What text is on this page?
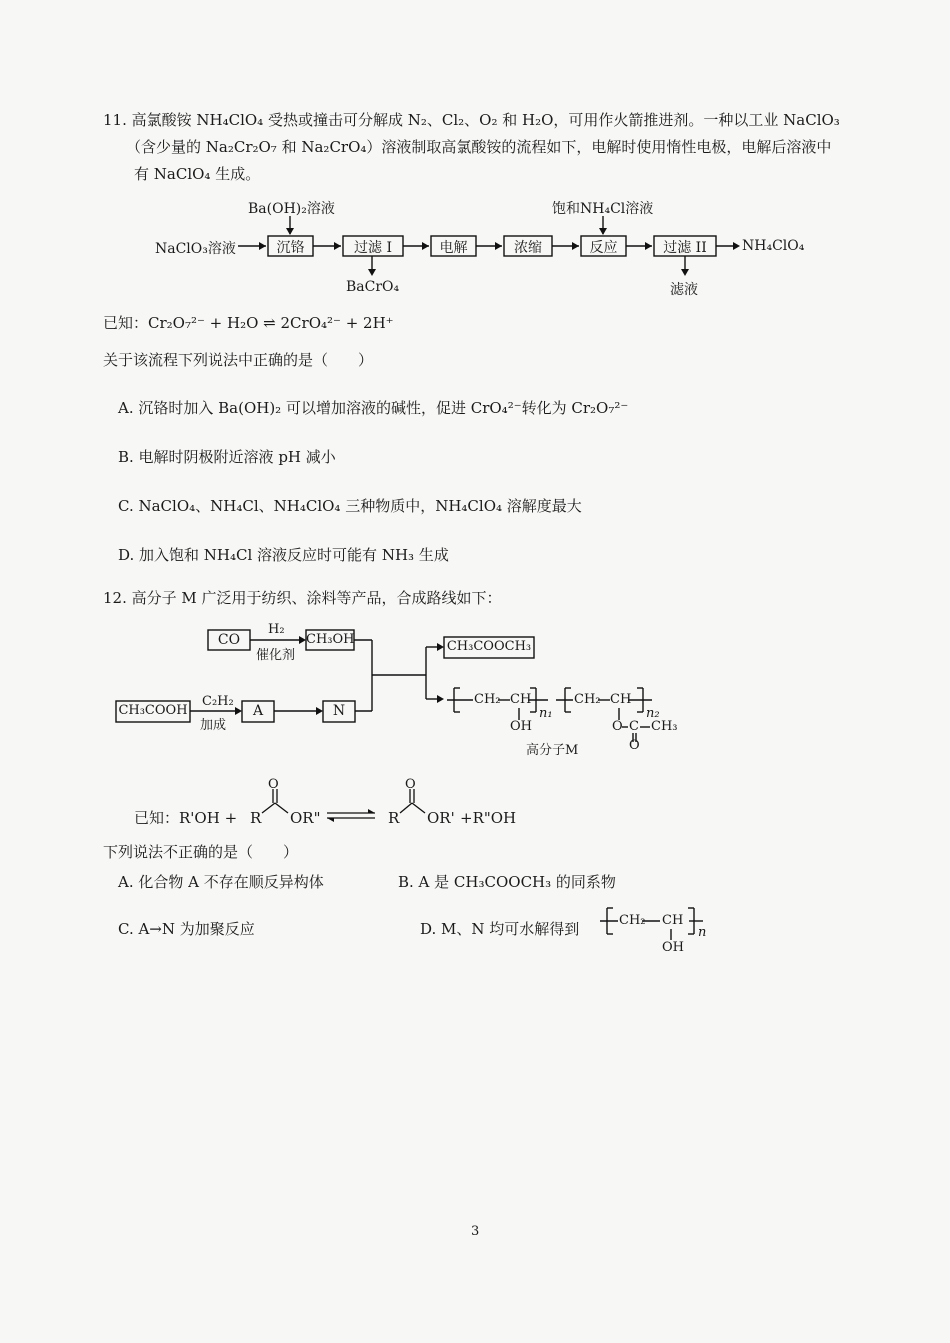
11. 高氯酸铵 NH₄ClO₄ 受热或撞击可分解成 N₂、Cl₂、O₂ 和 H₂O，可用作火箭推进剂。一种以工业 NaClO₃
（含少量的 Na₂Cr₂O₇ 和 Na₂CrO₄）溶液制取高氯酸铵的流程如下，电解时使用惰性电极，电解后溶液中
有 NaClO₄ 生成。
Ba(OH)₂溶液
NaClO₃溶液	沉铬	过滤 I	电解	浓缩	反应	过滤 II
BaCrO₄
饱和NH₄Cl溶液
NH₄ClO₄
滤液
已知：Cr₂O₇²⁻ + H₂O ⇌ 2CrO₄²⁻ + 2H⁺
关于该流程下列说法中正确的是（　　）
A. 沉铬时加入 Ba(OH)₂ 可以增加溶液的碱性，促进 CrO₄²⁻转化为 Cr₂O₇²⁻
B. 电解时阴极附近溶液 pH 减小
C. NaClO₄、NH₄Cl、NH₄ClO₄ 三种物质中，NH₄ClO₄ 溶解度最大
D. 加入饱和 NH₄Cl 溶液反应时可能有 NH₃ 生成
12. 高分子 M 广泛用于纺织、涂料等产品，合成路线如下：
CO
H₂
催化剂
CH₃OH	CH₃COOCH₃
CH₃COOH
C₂H₂
加成
A	N
CH₂ CH
OH
n₁
CH₂ CH
n₂
O C CH₃
O
高分子M
O	O
已知：R'OH + R OR"	R OR' +R"OH
下列说法不正确的是（　　）
A. 化合物 A 不存在顺反异构体	B. A 是 CH₃COOCH₃ 的同系物
C. A→N 为加聚反应	D. M、N 均可水解得到	CH₂ CH
OH
n
3
